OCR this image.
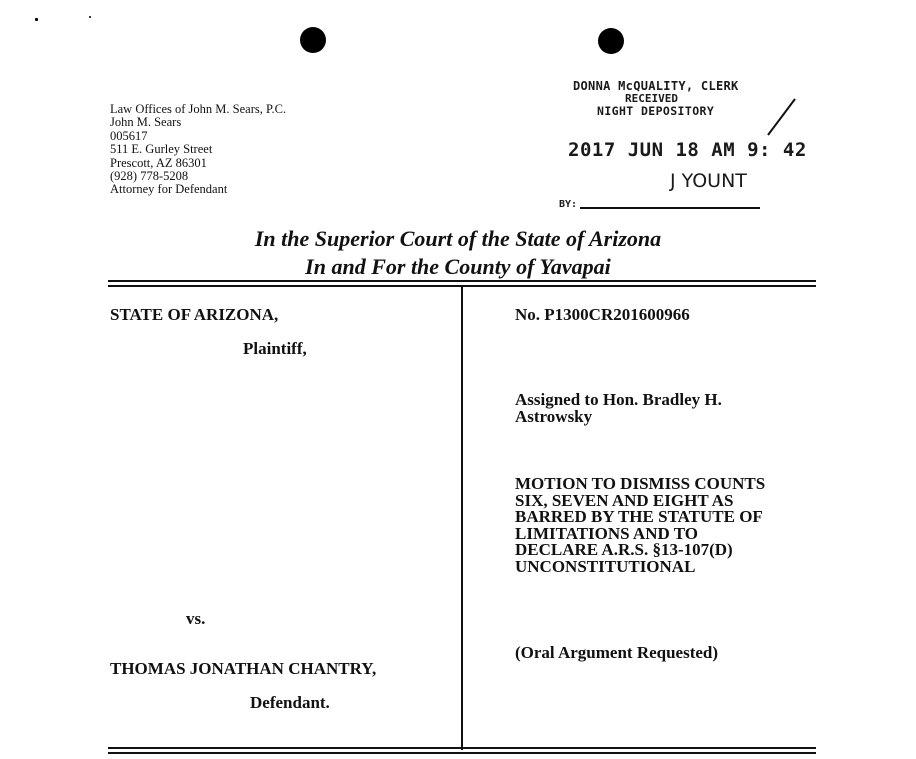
Law Offices of John M. Sears, P.C.
John M. Sears
005617
511 E. Gurley Street
Prescott, AZ 86301
(928) 778-5208
Attorney for Defendant
DONNA McQUALITY, CLERK
RECEIVED
NIGHT DEPOSITORY
2017 JUN 18 AM 9: 42
J YOUNT
BY:
In the Superior Court of the State of Arizona
In and For the County of Yavapai
STATE OF ARIZONA,
Plaintiff,
vs.
THOMAS JONATHAN CHANTRY,
Defendant.
No. P1300CR201600966
Assigned to Hon. Bradley H.
Astrowsky
MOTION TO DISMISS COUNTS
SIX, SEVEN AND EIGHT AS
BARRED BY THE STATUTE OF
LIMITATIONS AND TO
DECLARE A.R.S. §13-107(D)
UNCONSTITUTIONAL
(Oral Argument Requested)
